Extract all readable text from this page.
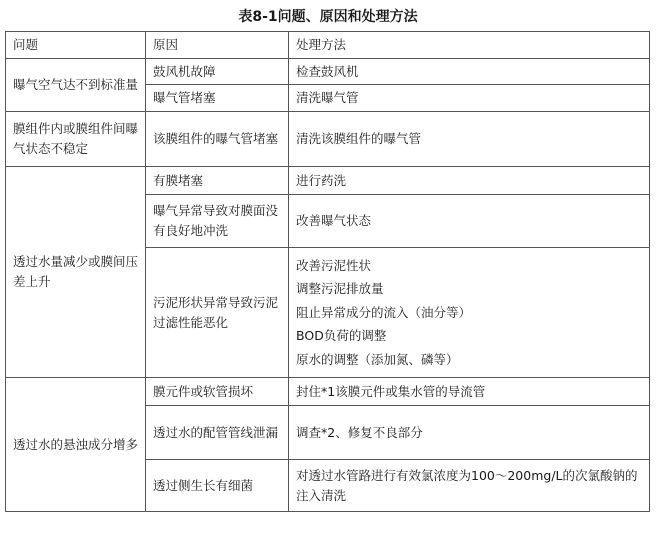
表8-1问题、原因和处理方法
问题	原因	处理方法
曝气空气达不到标准量	鼓风机故障	检查鼓风机
	曝气管堵塞	清洗曝气管
膜组件内或膜组件间曝气状态不稳定	该膜组件的曝气管堵塞	清洗该膜组件的曝气管
透过水量减少或膜间压差上升	有膜堵塞	进行药洗
	曝气异常导致对膜面没有良好地冲洗	改善曝气状态
	污泥形状异常导致污泥过滤性能恶化	改善污泥性状
调整污泥排放量
阻止异常成分的流入（油分等）
BOD负荷的调整
原水的调整（添加氮、磷等）

透过水的悬浊成分增多	膜元件或软管损坏	封住*1该膜元件或集水管的导流管
	透过水的配管管线泄漏	调查*2、修复不良部分
	透过侧生长有细菌	对透过水管路进行有效氯浓度为100～200mg/L的次氯酸钠的注入清洗
